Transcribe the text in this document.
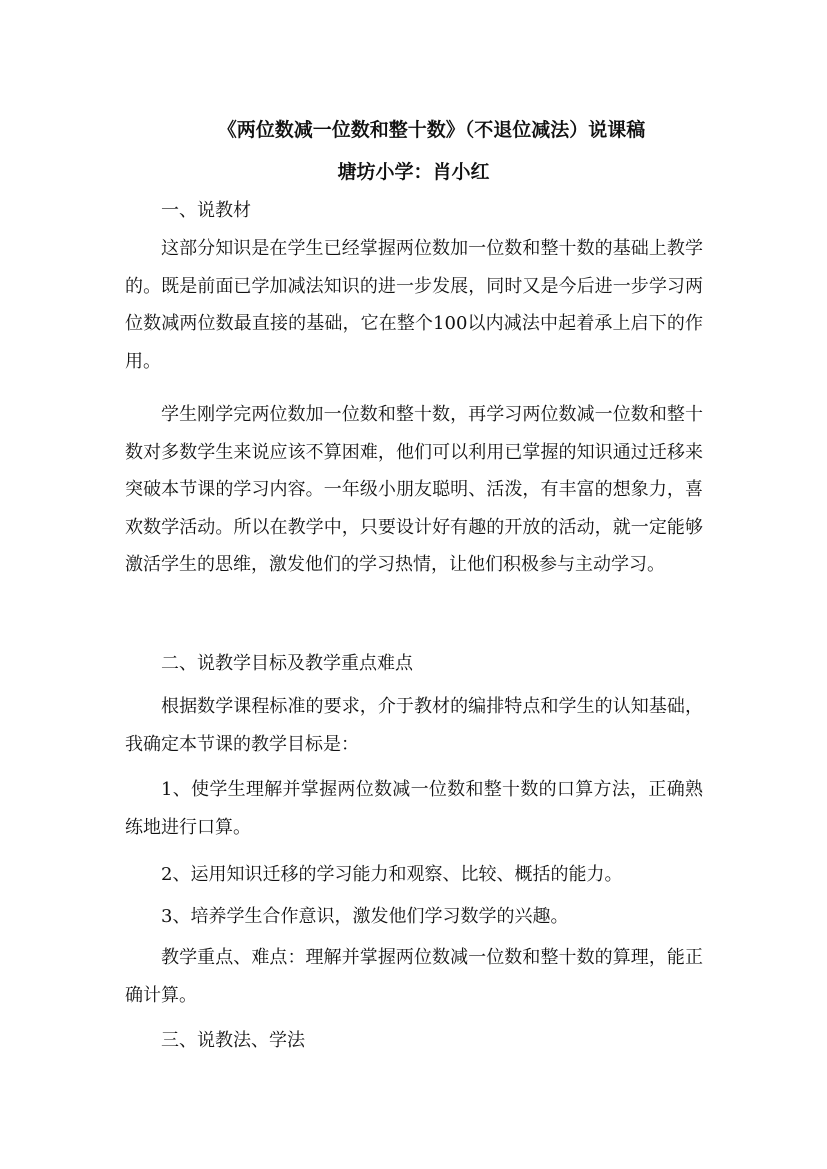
《两位数减一位数和整十数》（不退位减法）说课稿
塘坊小学：肖小红
一、说教材

这部分知识是在学生已经掌握两位数加一位数和整十数的基础上教学的。既是前面已学加减法知识的进一步发展，同时又是今后进一步学习两位数减两位数最直接的基础，它在整个100以内减法中起着承上启下的作用。

学生刚学完两位数加一位数和整十数，再学习两位数减一位数和整十数对多数学生来说应该不算困难，他们可以利用已掌握的知识通过迁移来突破本节课的学习内容。一年级小朋友聪明、活泼，有丰富的想象力，喜欢数学活动。所以在教学中，只要设计好有趣的开放的活动，就一定能够激活学生的思维，激发他们的学习热情，让他们积极参与主动学习。

二、说教学目标及教学重点难点

根据数学课程标准的要求，介于教材的编排特点和学生的认知基础，我确定本节课的教学目标是：

1、使学生理解并掌握两位数减一位数和整十数的口算方法，正确熟练地进行口算。

2、运用知识迁移的学习能力和观察、比较、概括的能力。

3、培养学生合作意识，激发他们学习数学的兴趣。

教学重点、难点：理解并掌握两位数减一位数和整十数的算理，能正确计算。

三、说教法、学法
